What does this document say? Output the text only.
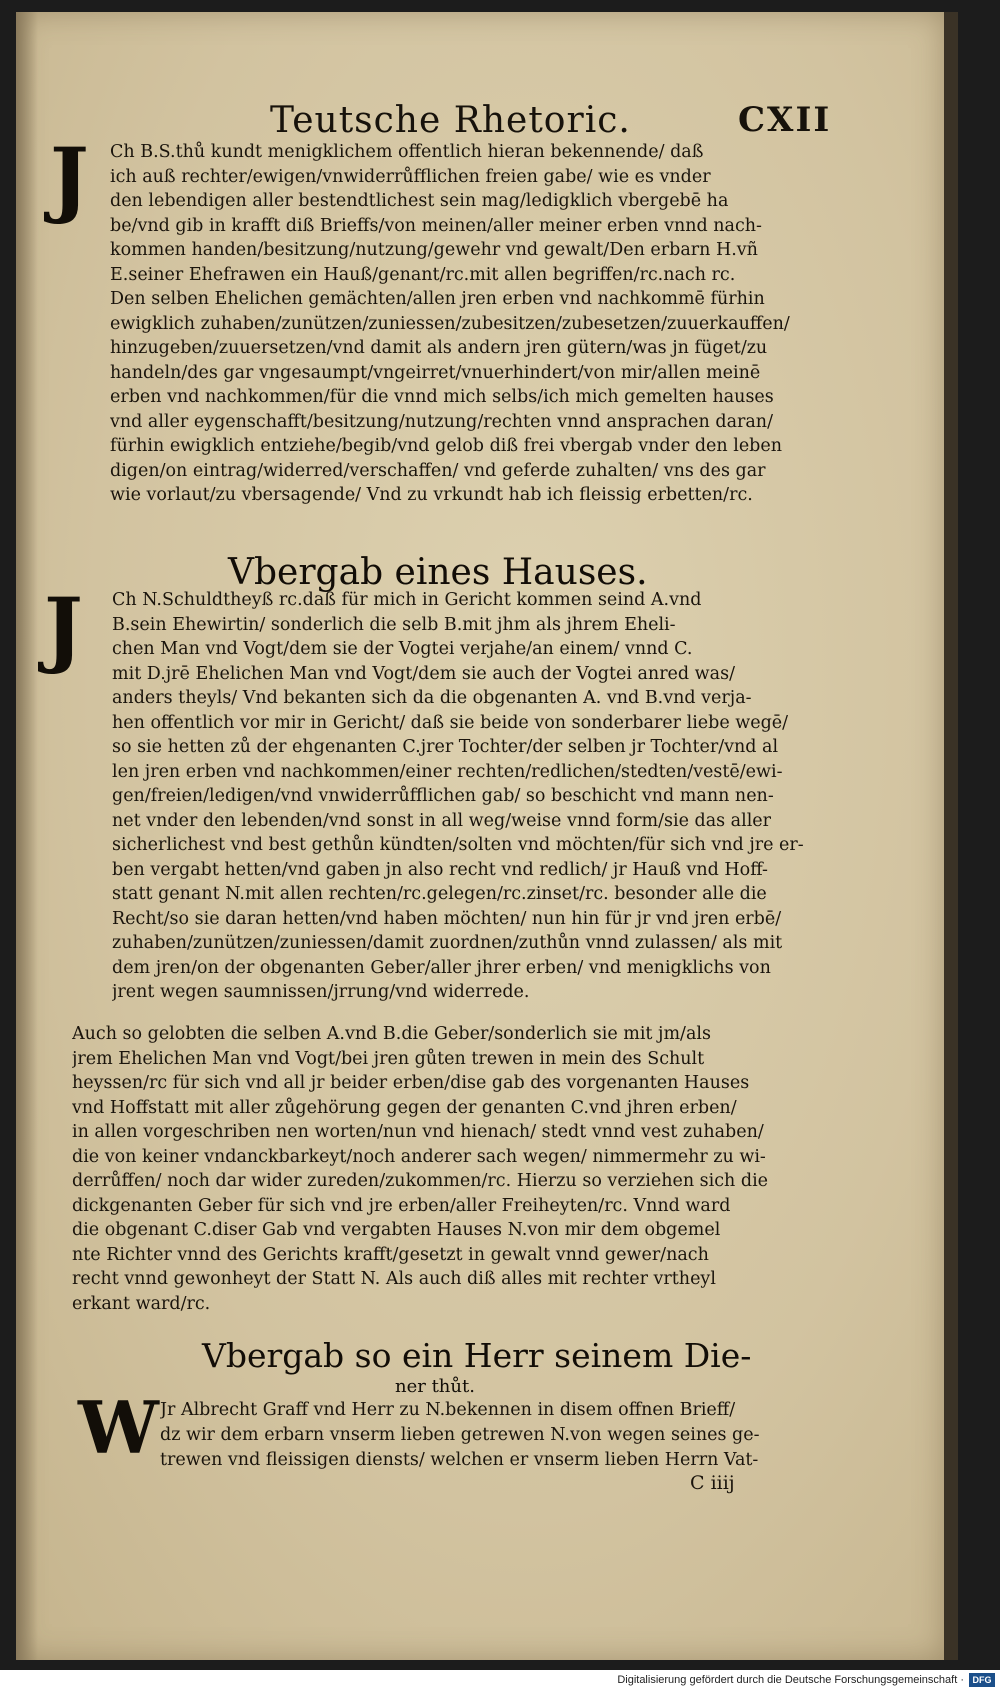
Teutsche Rhetoric.	CXII
J Ch B.S.thů kundt menigklichem offentlich hieran bekennende/ daß
ich auß rechter/ewigen/vnwiderrůfflichen freien gabe/ wie es vnder
den lebendigen aller bestendtlichest sein mag/ledigklich vbergebē ha
be/vnd gib in krafft diß Brieffs/von meinen/aller meiner erben vnnd nach-
kommen handen/besitzung/nutzung/gewehr vnd gewalt/Den erbarn H.vñ
E.seiner Ehefrawen ein Hauß/genant/rc.mit allen begriffen/rc.nach rc.
Den selben Ehelichen gemächten/allen jren erben vnd nachkommē fürhin
ewigklich zuhaben/zunützen/zuniessen/zubesitzen/zubesetzen/zuuerkauffen/
hinzugeben/zuuersetzen/vnd damit als andern jren gütern/was jn füget/zu
handeln/des gar vngesaumpt/vngeirret/vnuerhindert/von mir/allen meinē
erben vnd nachkommen/für die vnnd mich selbs/ich mich gemelten hauses
vnd aller eygenschafft/besitzung/nutzung/rechten vnnd ansprachen daran/
fürhin ewigklich entziehe/begib/vnd gelob diß frei vbergab vnder den leben
digen/on eintrag/widerred/verschaffen/ vnd geferde zuhalten/ vns des gar
wie vorlaut/zu vbersagende/ Vnd zu vrkundt hab ich fleissig erbetten/rc.
Vbergab eines Hauses.
J Ch N.Schuldtheyß rc.daß für mich in Gericht kommen seind A.vnd
B.sein Ehewirtin/ sonderlich die selb B.mit jhm als jhrem Eheli-
chen Man vnd Vogt/dem sie der Vogtei verjahe/an einem/ vnnd C.
mit D.jrē Ehelichen Man vnd Vogt/dem sie auch der Vogtei anred was/
anders theyls/ Vnd bekanten sich da die obgenanten A. vnd B.vnd verja-
hen offentlich vor mir in Gericht/ daß sie beide von sonderbarer liebe wegē/
so sie hetten zů der ehgenanten C.jrer Tochter/der selben jr Tochter/vnd al
len jren erben vnd nachkommen/einer rechten/redlichen/stedten/vestē/ewi-
gen/freien/ledigen/vnd vnwiderrůfflichen gab/ so beschicht vnd mann nen-
net vnder den lebenden/vnd sonst in all weg/weise vnnd form/sie das aller
sicherlichest vnd best gethůn kündten/solten vnd möchten/für sich vnd jre er-
ben vergabt hetten/vnd gaben jn also recht vnd redlich/ jr Hauß vnd Hoff-
statt genant N.mit allen rechten/rc.gelegen/rc.zinset/rc. besonder alle die
Recht/so sie daran hetten/vnd haben möchten/ nun hin für jr vnd jren erbē/
zuhaben/zunützen/zuniessen/damit zuordnen/zuthůn vnnd zulassen/ als mit
dem jren/on der obgenanten Geber/aller jhrer erben/ vnd menigklichs von
jrent wegen saumnissen/jrrung/vnd widerrede.
Auch so gelobten die selben A.vnd B.die Geber/sonderlich sie mit jm/als
jrem Ehelichen Man vnd Vogt/bei jren gůten trewen in mein des Schult
heyssen/rc für sich vnd all jr beider erben/dise gab des vorgenanten Hauses
vnd Hoffstatt mit aller zůgehörung gegen der genanten C.vnd jhren erben/
in allen vorgeschriben nen worten/nun vnd hienach/ stedt vnnd vest zuhaben/
die von keiner vndanckbarkeyt/noch anderer sach wegen/ nimmermehr zu wi-
derrůffen/ noch dar wider zureden/zukommen/rc. Hierzu so verziehen sich die
dickgenanten Geber für sich vnd jre erben/aller Freiheyten/rc. Vnnd ward
die obgenant C.diser Gab vnd vergabten Hauses N.von mir dem obgemel
nte Richter vnnd des Gerichts krafft/gesetzt in gewalt vnnd gewer/nach
recht vnnd gewonheyt der Statt N. Als auch diß alles mit rechter vrtheyl
erkant ward/rc.
Vbergab so ein Herr seinem Die-
ner thůt.
W Jr Albrecht Graff vnd Herr zu N.bekennen in disem offnen Brieff/
dz wir dem erbarn vnserm lieben getrewen N.von wegen seines ge-
trewen vnd fleissigen diensts/ welchen er vnserm lieben Herrn Vat-
C iiij
Digitalisierung gefördert durch die Deutsche Forschungsgemeinschaft · DFG
